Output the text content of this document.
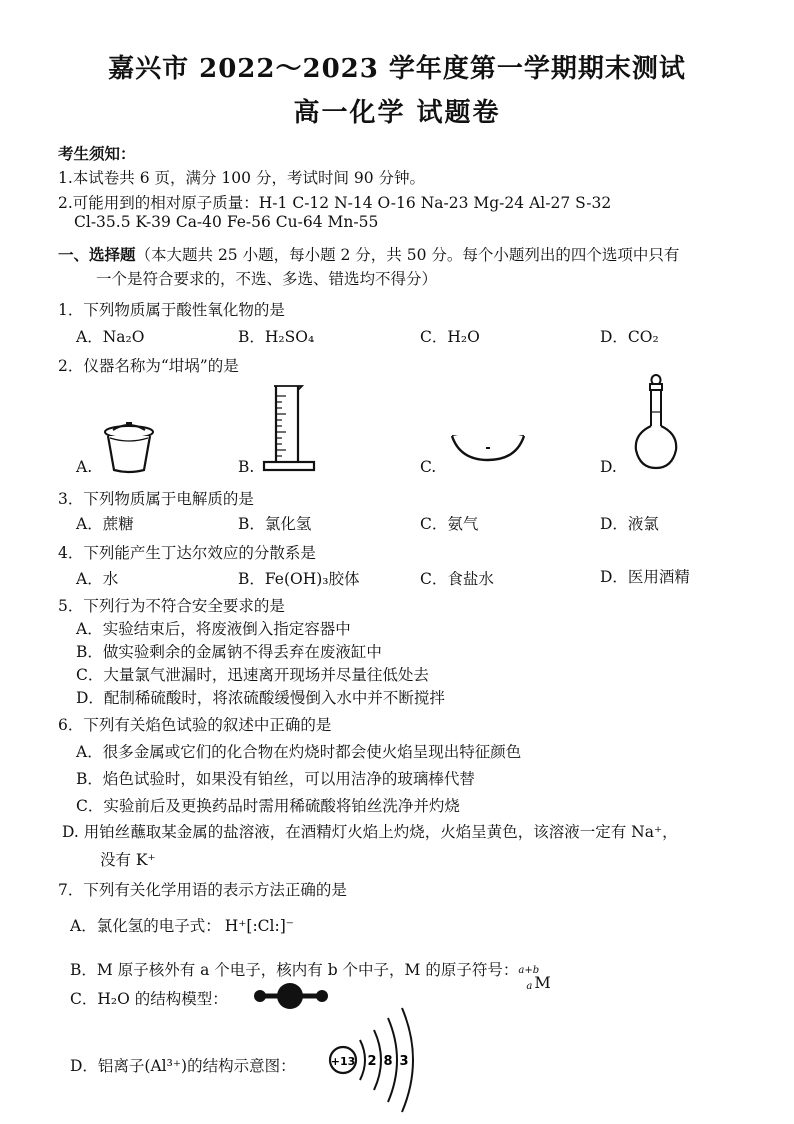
嘉兴市 2022～2023 学年度第一学期期末测试
高一化学 试题卷
考生须知：
1.本试卷共 6 页，满分 100 分，考试时间 90 分钟。
2.可能用到的相对原子质量：H-1 C-12 N-14 O-16 Na-23 Mg-24 Al-27 S-32
Cl-35.5 K-39 Ca-40 Fe-56 Cu-64 Mn-55
一、选择题（本大题共 25 小题，每小题 2 分，共 50 分。每个小题列出的四个选项中只有
一个是符合要求的，不选、多选、错选均不得分）
1．下列物质属于酸性氧化物的是
A．Na₂O	B．H₂SO₄	C．H₂O	D．CO₂
2．仪器名称为“坩埚”的是
A.	B.	C.	D.
3．下列物质属于电解质的是
A．蔗糖	B．氯化氢	C．氨气	D．液氯
4．下列能产生丁达尔效应的分散系是
A．水	B．Fe(OH)₃胶体	C．食盐水	D．医用酒精
5．下列行为不符合安全要求的是
A．实验结束后，将废液倒入指定容器中
B．做实验剩余的金属钠不得丢弃在废液缸中
C．大量氯气泄漏时，迅速离开现场并尽量往低处去
D．配制稀硫酸时，将浓硫酸缓慢倒入水中并不断搅拌
6．下列有关焰色试验的叙述中正确的是
A．很多金属或它们的化合物在灼烧时都会使火焰呈现出特征颜色
B．焰色试验时，如果没有铂丝，可以用洁净的玻璃棒代替
C．实验前后及更换药品时需用稀硫酸将铂丝洗净并灼烧
D. 用铂丝蘸取某金属的盐溶液，在酒精灯火焰上灼烧，火焰呈黄色，该溶液一定有 Na⁺，
没有 K⁺
7．下列有关化学用语的表示方法正确的是
A．氯化氢的电子式： H⁺[:Cl:]⁻
B．M 原子核外有 a 个电子，核内有 b 个中子，M 的原子符号： a+b
a M
C．H₂O 的结构模型：
D．铝离子(Al³⁺)的结构示意图：	+13 2 8 3
